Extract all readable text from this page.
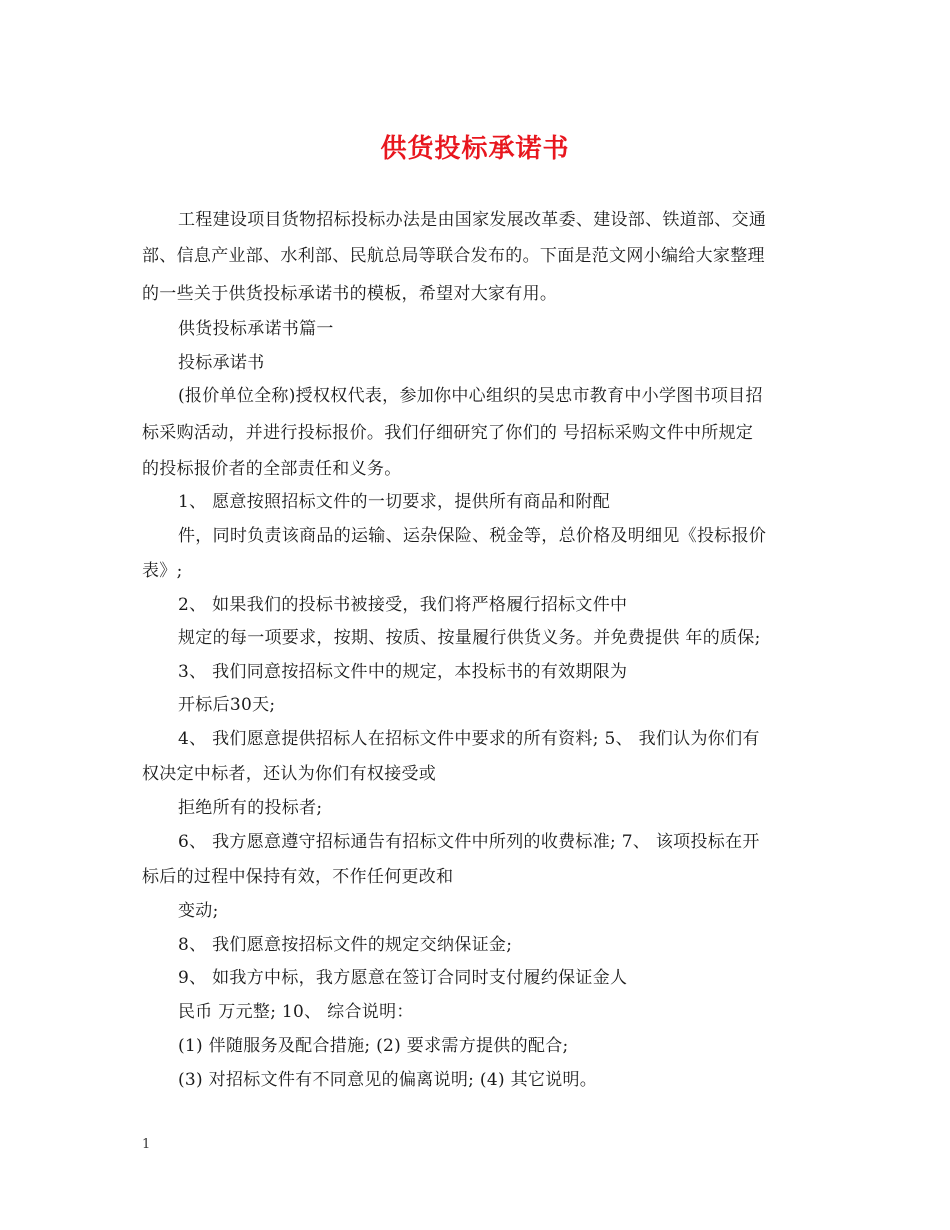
供货投标承诺书
工程建设项目货物招标投标办法是由国家发展改革委、建设部、铁道部、交通
部、信息产业部、水利部、民航总局等联合发布的。下面是范文网小编给大家整理
的一些关于供货投标承诺书的模板，希望对大家有用。
供货投标承诺书篇一
投标承诺书
(报价单位全称)授权权代表，参加你中心组织的吴忠市教育中小学图书项目招
标采购活动，并进行投标报价。我们仔细研究了你们的 号招标采购文件中所规定
的投标报价者的全部责任和义务。
1、 愿意按照招标文件的一切要求，提供所有商品和附配
件，同时负责该商品的运输、运杂保险、税金等，总价格及明细见《投标报价
表》;
2、 如果我们的投标书被接受，我们将严格履行招标文件中
规定的每一项要求，按期、按质、按量履行供货义务。并免费提供 年的质保;
3、 我们同意按招标文件中的规定，本投标书的有效期限为
开标后30天;
4、 我们愿意提供招标人在招标文件中要求的所有资料; 5、 我们认为你们有
权决定中标者，还认为你们有权接受或
拒绝所有的投标者;
6、 我方愿意遵守招标通告有招标文件中所列的收费标准; 7、 该项投标在开
标后的过程中保持有效，不作任何更改和
变动;
8、 我们愿意按招标文件的规定交纳保证金;
9、 如我方中标，我方愿意在签订合同时支付履约保证金人
民币 万元整; 10、 综合说明：
(1) 伴随服务及配合措施; (2) 要求需方提供的配合;
(3) 对招标文件有不同意见的偏离说明; (4) 其它说明。
1
